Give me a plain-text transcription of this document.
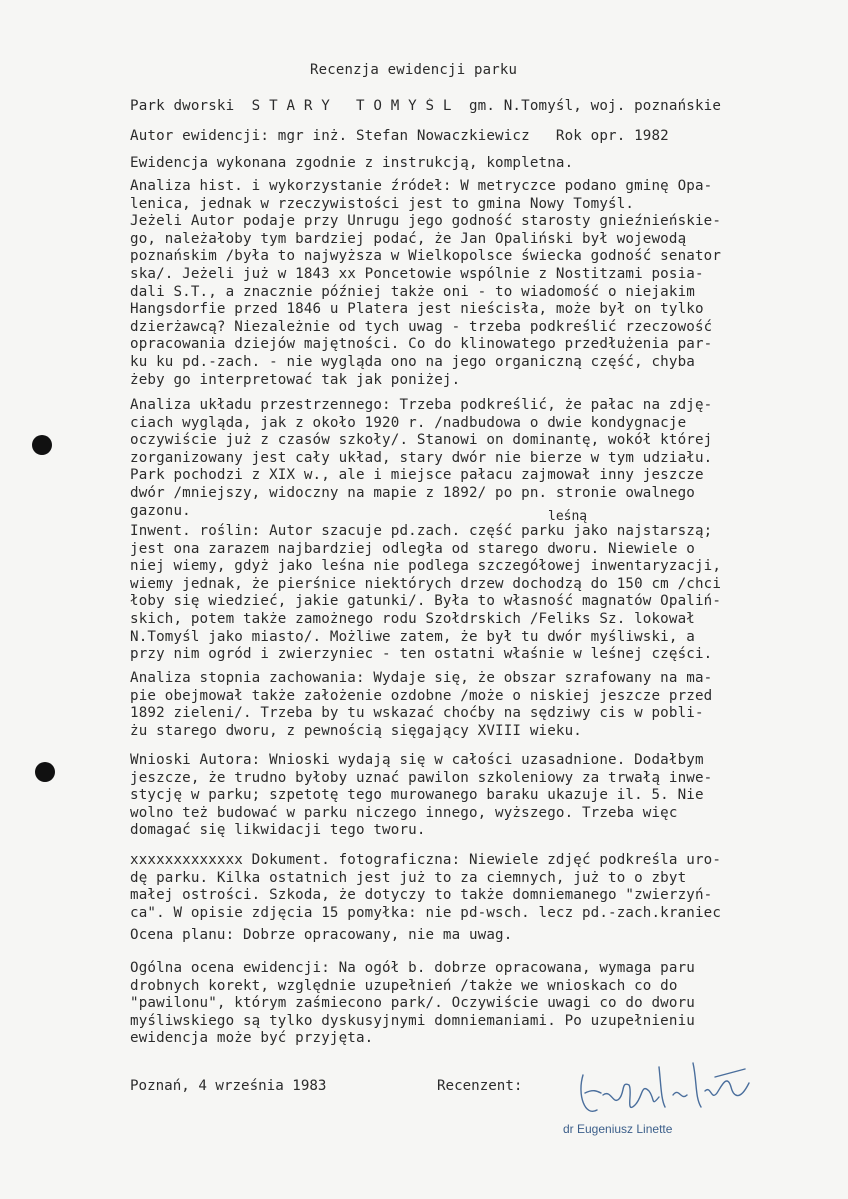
Recenzja ewidencji parku
Park dworski  S T A R Y   T O M Y Ś L  gm. N.Tomyśl, woj. poznańskie
Autor ewidencji: mgr inż. Stefan Nowaczkiewicz   Rok opr. 1982
Ewidencja wykonana zgodnie z instrukcją, kompletna.
Analiza hist. i wykorzystanie źródeł: W metryczce podano gminę Opa-
lenica, jednak w rzeczywistości jest to gmina Nowy Tomyśl.
Jeżeli Autor podaje przy Unrugu jego godność starosty gnieźnieńskie-
go, należałoby tym bardziej podać, że Jan Opaliński był wojewodą
poznańskim /była to najwyższa w Wielkopolsce świecka godność senator
ska/. Jeżeli już w 1843 xx Poncetowie wspólnie z Nostitzami posia-
dali S.T., a znacznie później także oni - to wiadomość o niejakim
Hangsdorfie przed 1846 u Platera jest nieścisła, może był on tylko
dzierżawcą? Niezależnie od tych uwag - trzeba podkreślić rzeczowość
opracowania dziejów majętności. Co do klinowatego przedłużenia par-
ku ku pd.-zach. - nie wygląda ono na jego organiczną część, chyba
żeby go interpretować tak jak poniżej.
Analiza układu przestrzennego: Trzeba podkreślić, że pałac na zdję-
ciach wygląda, jak z około 1920 r. /nadbudowa o dwie kondygnacje
oczywiście już z czasów szkoły/. Stanowi on dominantę, wokół której
zorganizowany jest cały układ, stary dwór nie bierze w tym udziału.
Park pochodzi z XIX w., ale i miejsce pałacu zajmował inny jeszcze
dwór /mniejszy, widoczny na mapie z 1892/ po pn. stronie owalnego
gazonu.	leśną
Inwent. roślin: Autor szacuje pd.zach. część parku jako najstarszą;
jest ona zarazem najbardziej odległa od starego dworu. Niewiele o
niej wiemy, gdyż jako leśna nie podlega szczegółowej inwentaryzacji,
wiemy jednak, że pierśnice niektórych drzew dochodzą do 150 cm /chci
łoby się wiedzieć, jakie gatunki/. Była to własność magnatów Opaliń-
skich, potem także zamożnego rodu Szołdrskich /Feliks Sz. lokował
N.Tomyśl jako miasto/. Możliwe zatem, że był tu dwór myśliwski, a
przy nim ogród i zwierzyniec - ten ostatni właśnie w leśnej części.
Analiza stopnia zachowania: Wydaje się, że obszar szrafowany na ma-
pie obejmował także założenie ozdobne /może o niskiej jeszcze przed
1892 zieleni/. Trzeba by tu wskazać choćby na sędziwy cis w pobli-
żu starego dworu, z pewnością sięgający XVIII wieku.
Wnioski Autora: Wnioski wydają się w całości uzasadnione. Dodałbym
jeszcze, że trudno byłoby uznać pawilon szkoleniowy za trwałą inwe-
stycję w parku; szpetotę tego murowanego baraku ukazuje il. 5. Nie
wolno też budować w parku niczego innego, wyższego. Trzeba więc
domagać się likwidacji tego tworu.
xxxxxxxxxxxxx Dokument. fotograficzna: Niewiele zdjęć podkreśla uro-
dę parku. Kilka ostatnich jest już to za ciemnych, już to o zbyt
małej ostrości. Szkoda, że dotyczy to także domniemanego "zwierzyń-
ca". W opisie zdjęcia 15 pomyłka: nie pd-wsch. lecz pd.-zach.kraniec
Ocena planu: Dobrze opracowany, nie ma uwag.
Ogólna ocena ewidencji: Na ogół b. dobrze opracowana, wymaga paru
drobnych korekt, względnie uzupełnień /także we wnioskach co do
"pawilonu", którym zaśmiecono park/. Oczywiście uwagi co do dworu
myśliwskiego są tylko dyskusyjnymi domniemaniami. Po uzupełnieniu
ewidencja może być przyjęta.
Poznań, 4 września 1983	Recenzent:
dr Eugeniusz Linette
